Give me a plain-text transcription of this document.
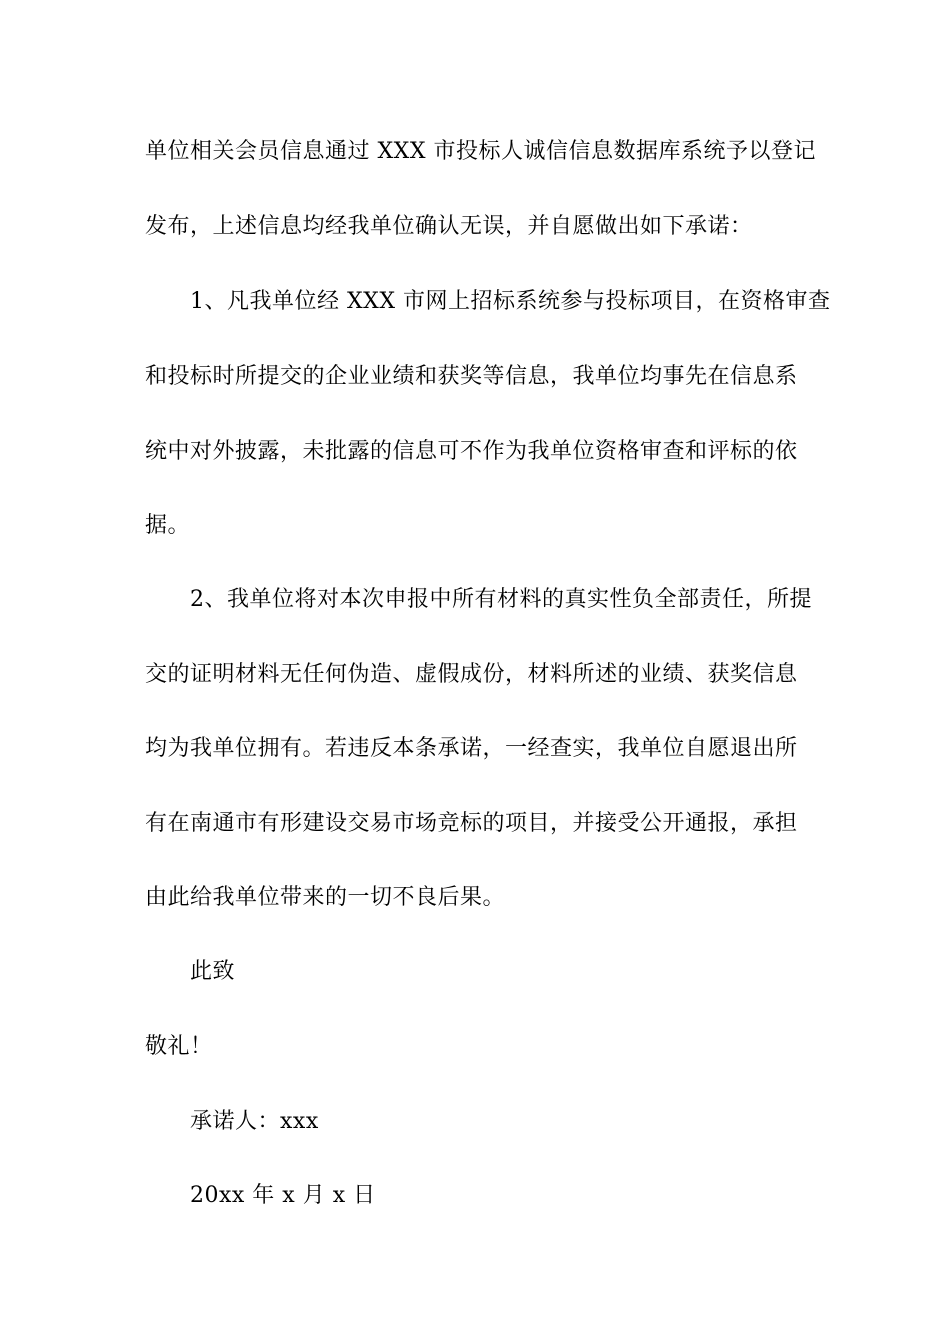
单位相关会员信息通过 XXX 市投标人诚信信息数据库系统予以登记
发布，上述信息均经我单位确认无误，并自愿做出如下承诺：
1、凡我单位经 XXX 市网上招标系统参与投标项目，在资格审查
和投标时所提交的企业业绩和获奖等信息，我单位均事先在信息系
统中对外披露，未批露的信息可不作为我单位资格审查和评标的依
据。
2、我单位将对本次申报中所有材料的真实性负全部责任，所提
交的证明材料无任何伪造、虚假成份，材料所述的业绩、获奖信息
均为我单位拥有。若违反本条承诺，一经查实，我单位自愿退出所
有在南通市有形建设交易市场竞标的项目，并接受公开通报，承担
由此给我单位带来的一切不良后果。
此致
敬礼！
承诺人：xxx
20xx 年 x 月 x 日
